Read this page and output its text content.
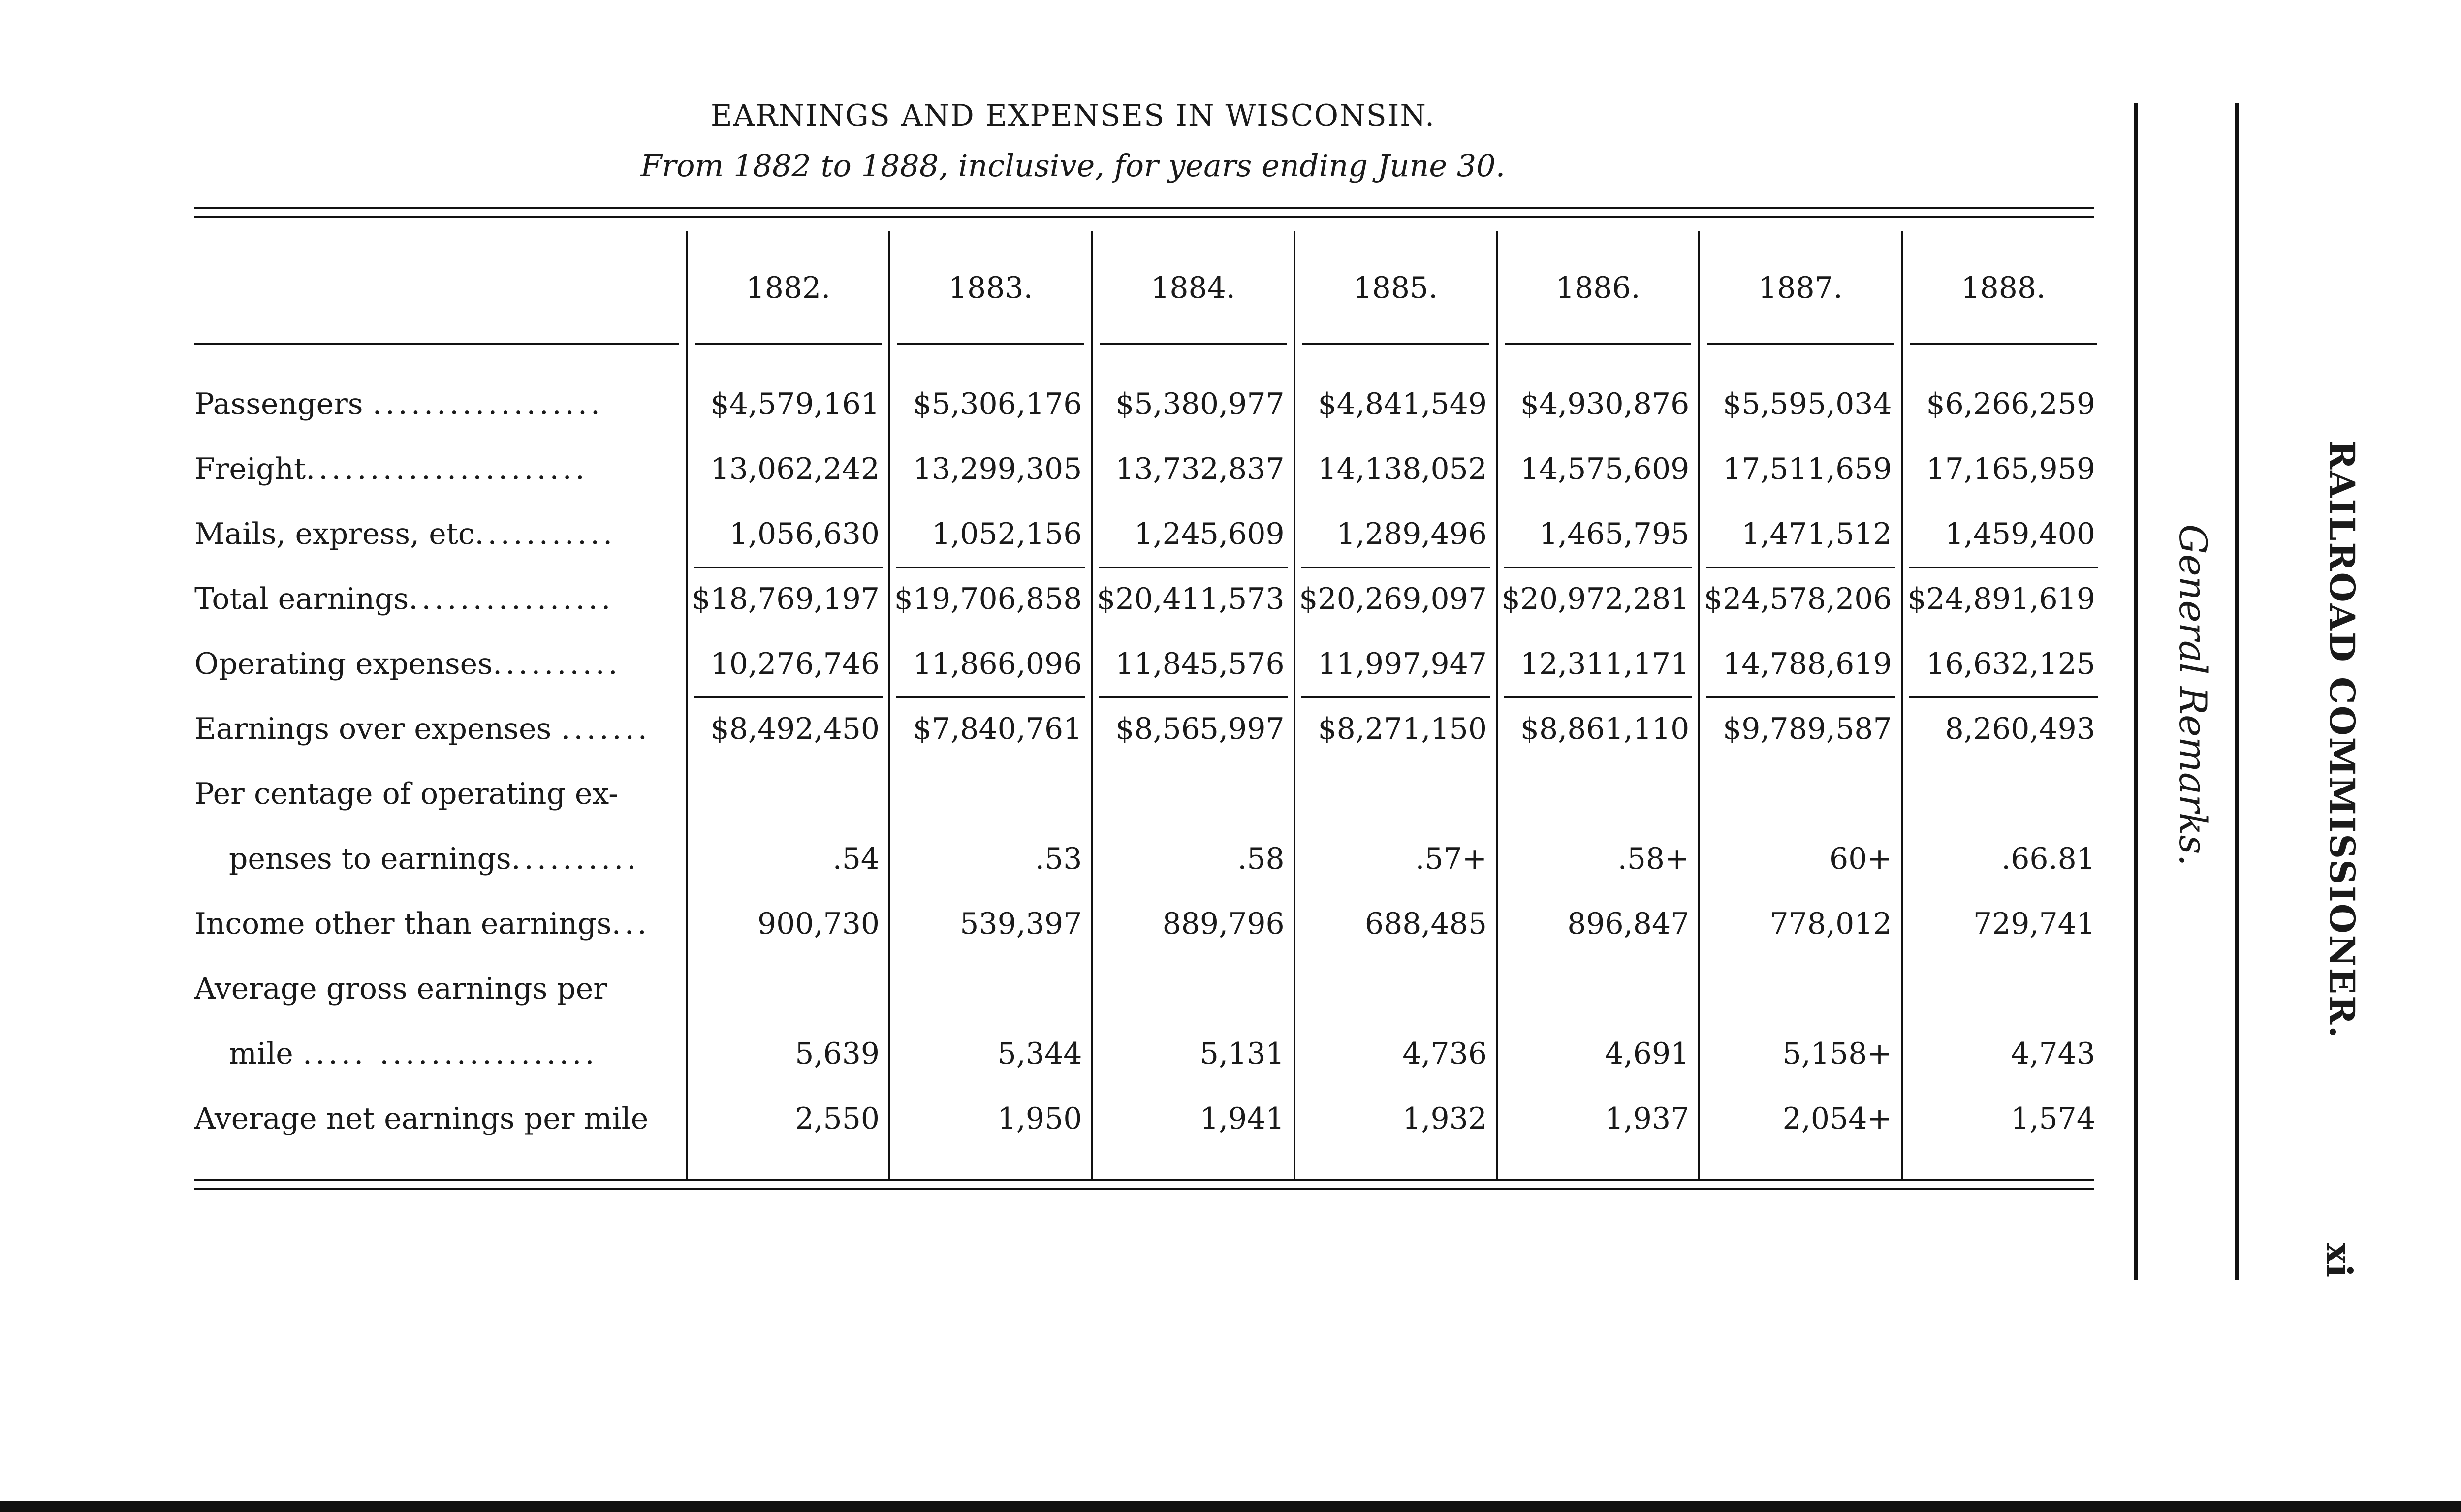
EARNINGS AND EXPENSES IN WISCONSIN.
From 1882 to 1888, inclusive, for years ending June 30.
	1882.	1883.	1884.	1885.	1886.	1887.	1888.

Passengers ..................	$4,579,161	$5,306,176	$5,380,977	$4,841,549	$4,930,876	$5,595,034	$6,266,259
Freight......................	13,062,242	13,299,305	13,732,837	14,138,052	14,575,609	17,511,659	17,165,959
Mails, express, etc...........	1,056,630	1,052,156	1,245,609	1,289,496	1,465,795	1,471,512	1,459,400
Total earnings................	$18,769,197	$19,706,858	$20,411,573	$20,269,097	$20,972,281	$24,578,206	$24,891,619
Operating expenses..........	10,276,746	11,866,096	11,845,576	11,997,947	12,311,171	14,788,619	16,632,125
Earnings over expenses .......	$8,492,450	$7,840,761	$8,565,997	$8,271,150	$8,861,110	$9,789,587	8,260,493
Per centage of operating ex-							
penses to earnings..........	.54	.53	.58	.57+	.58+	60+	.66.81
Income other than earnings...	900,730	539,397	889,796	688,485	896,847	778,012	729,741
Average gross earnings per							
mile ..... .................	5,639	5,344	5,131	4,736	4,691	5,158+	4,743
Average net earnings per mile	2,550	1,950	1,941	1,932	1,937	2,054+	1,574

General Remarks.	RAILROAD COMMISSIONER.
xi
